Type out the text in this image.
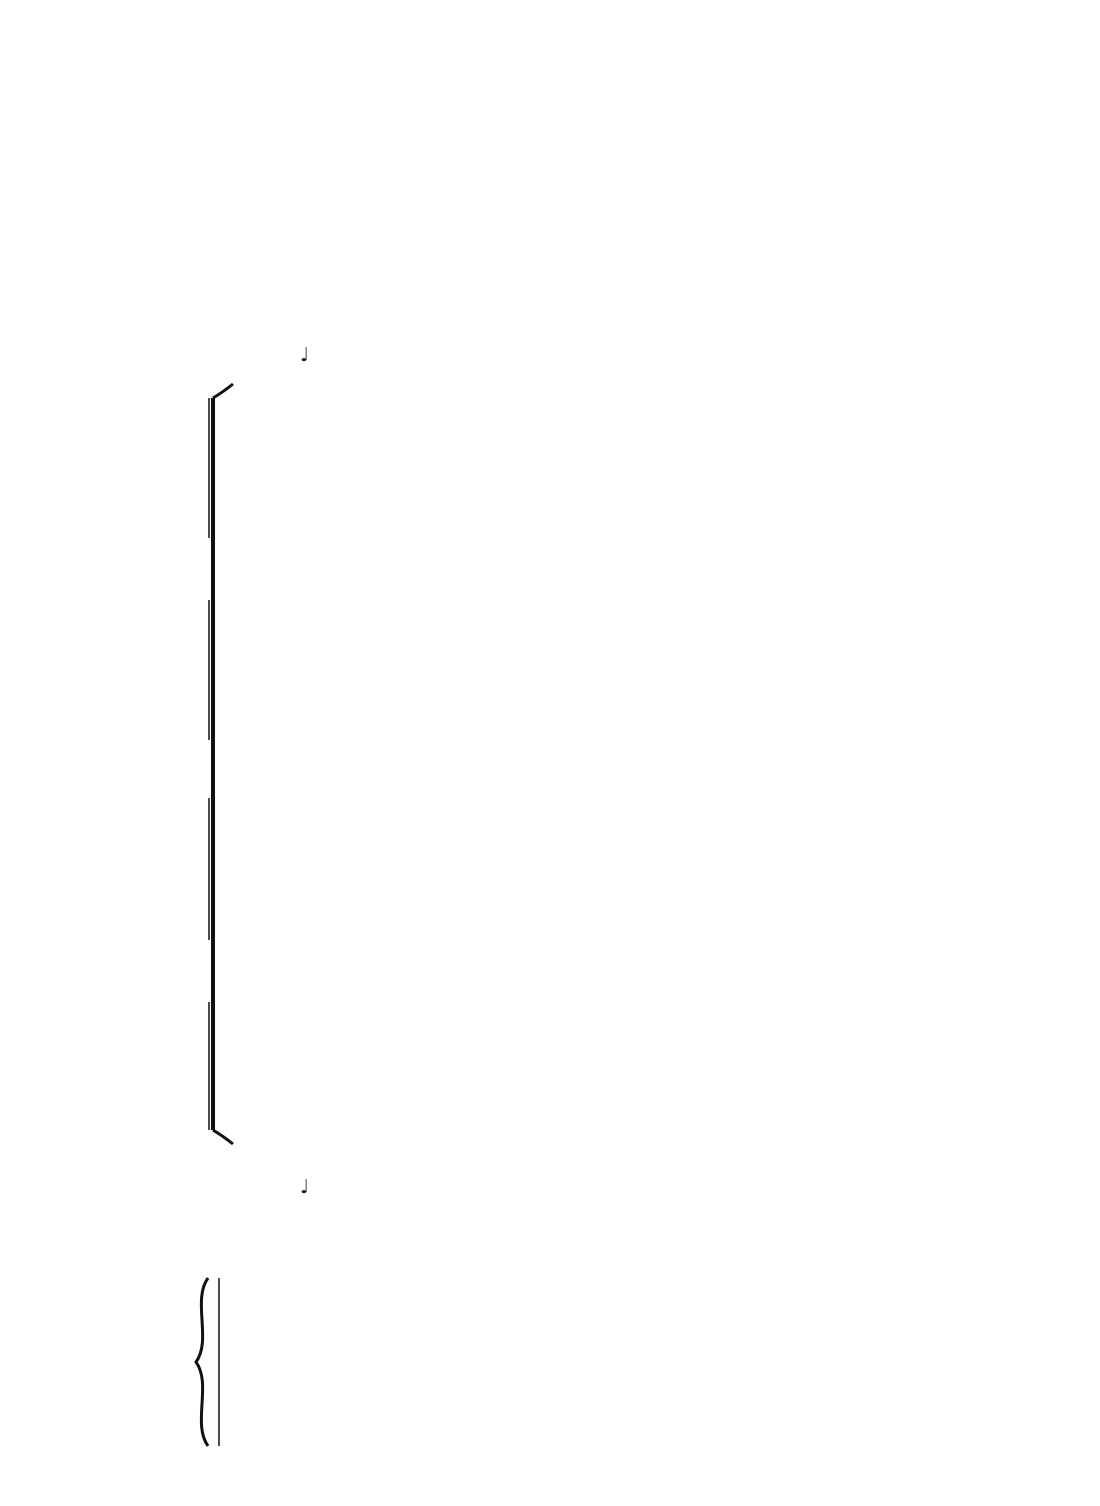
♩
♩
